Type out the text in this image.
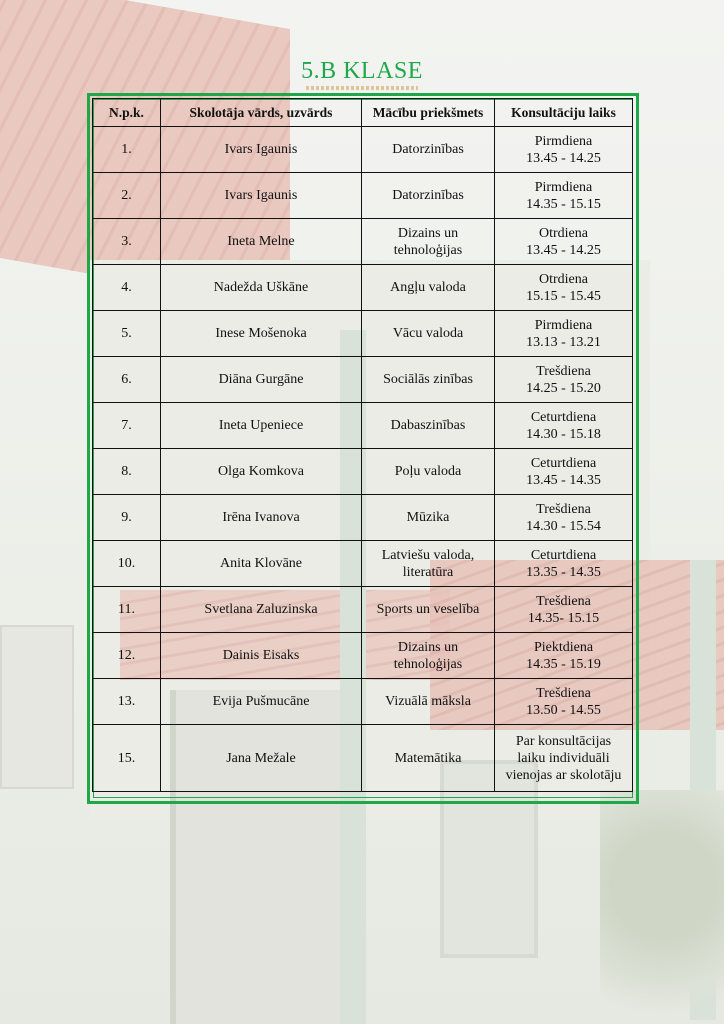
5.B KLASE
N.p.k.	Skolotāja vārds, uzvārds	Mācību priekšmets	Konsultāciju laiks
1.	Ivars Igaunis	Datorzinības	Pirmdiena
13.45 - 14.25

2.	Ivars Igaunis	Datorzinības	Pirmdiena
14.35 - 15.15

3.	Ineta Melne	Dizains un
tehnoloģijas	Otrdiena
13.45 - 14.25

4.	Nadežda Uškāne	Angļu valoda	Otrdiena
15.15 - 15.45

5.	Inese Mošenoka	Vācu valoda	Pirmdiena
13.13 - 13.21

6.	Diāna Gurgāne	Sociālās zinības	Trešdiena
14.25 - 15.20

7.	Ineta Upeniece	Dabaszinības	Ceturtdiena
14.30 - 15.18

8.	Olga Komkova	Poļu valoda	Ceturtdiena
13.45 - 14.35

9.	Irēna Ivanova	Mūzika	Trešdiena
14.30 - 15.54

10.	Anita Klovāne	Latviešu valoda,
literatūra	Ceturtdiena
13.35 - 14.35

11.	Svetlana Zaluzinska	Sports un veselība	Trešdiena
14.35- 15.15

12.	Dainis Eisaks	Dizains un
tehnoloģijas	Piektdiena
14.35 - 15.19

13.	Evija Pušmucāne	Vizuālā māksla	Trešdiena
13.50 - 14.55

15.	Jana Mežale	Matemātika	Par konsultācijas
laiku individuāli
vienojas ar skolotāju
